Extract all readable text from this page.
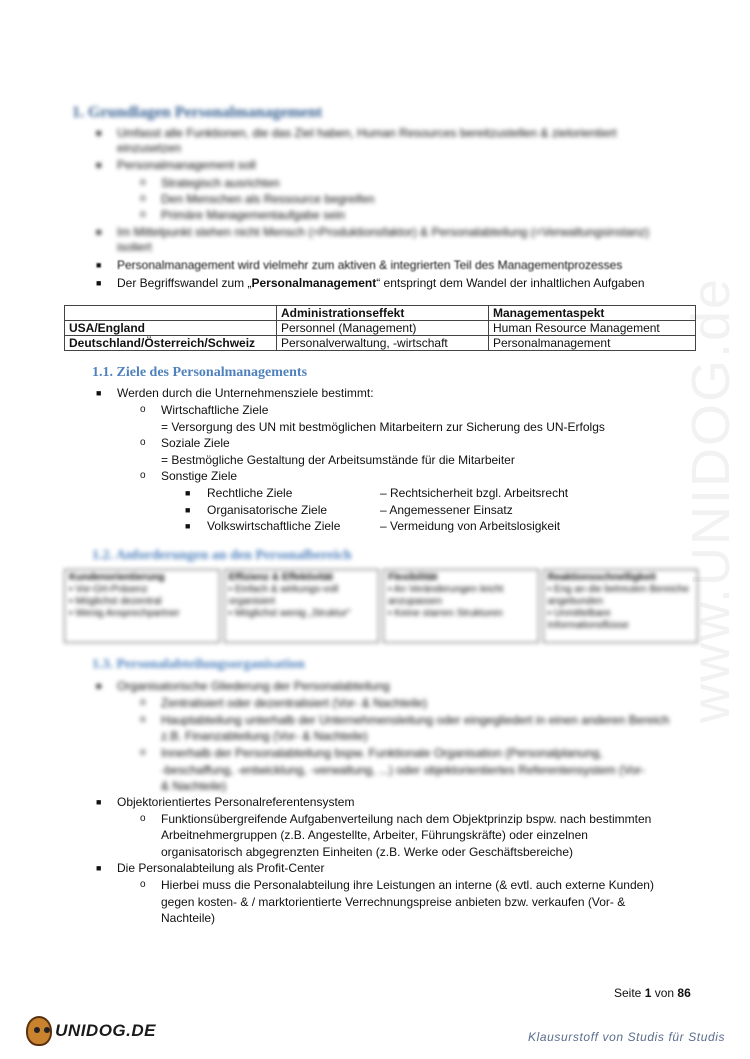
www.UNIDOG.de
1. Grundlagen Personalmanagement
■ Umfasst alle Funktionen, die das Ziel haben, Human Resources bereitzustellen & zielorientiert
einzusetzen
■ Personalmanagement soll
o Strategisch ausrichten
o Den Menschen als Ressource begreifen
o Primäre Managementaufgabe sein
■ Im Mittelpunkt stehen nicht Mensch (=Produktionsfaktor) & Personalabteilung (=Verwaltungsinstanz)
isoliert
■ Personalmanagement wird vielmehr zum aktiven & integrierten Teil des Managementprozesses
■ Der Begriffswandel zum „Personalmanagement“ entspringt dem Wandel der inhaltlichen Aufgaben
	Administrationseffekt	Managementaspekt
USA/England	Personnel (Management)	Human Resource Management
Deutschland/Österreich/Schweiz	Personalverwaltung, -wirtschaft	Personalmanagement
1.1. Ziele des Personalmanagements
■ Werden durch die Unternehmensziele bestimmt:
o Wirtschaftliche Ziele
= Versorgung des UN mit bestmöglichen Mitarbeitern zur Sicherung des UN-Erfolgs
o Soziale Ziele
= Bestmögliche Gestaltung der Arbeitsumstände für die Mitarbeiter
o Sonstige Ziele
■ Rechtliche Ziele	– Rechtsicherheit bzgl. Arbeitsrecht
■ Organisatorische Ziele	– Angemessener Einsatz
■ Volkswirtschaftliche Ziele	– Vermeidung von Arbeitslosigkeit
1.2. Anforderungen an den Personalbereich
Kundenorientierung
▪ Vor-Ort-Präsenz
▪ Möglichst dezentral
▪ Wenig Ansprechpartner
Effizienz & Effektivität
▪ Einfach & wirkungs-voll organisiert
▪ Möglichst wenig „Struktur“
Flexibilität
▪ An Veränderungen leicht anzupassen
▪ Keine starren Strukturen
Reaktionsschnelligkeit
▪ Eng an die betreuten Bereiche angebunden
▪ Unmittelbare Informationsflüsse
1.3. Personalabteilungsorganisation
■ Organisatorische Gliederung der Personalabteilung
o Zentralisiert oder dezentralisiert (Vor- & Nachteile)
o Hauptabteilung unterhalb der Unternehmensleitung oder eingegliedert in einen anderen Bereich
z.B. Finanzabteilung (Vor- & Nachteile)
o Innerhalb der Personalabteilung bspw. Funktionale Organisation (Personalplanung,
-beschaffung, -entwicklung, -verwaltung, ...) oder objektorientiertes Referentensystem (Vor-
& Nachteile)
■ Objektorientiertes Personalreferentensystem
o Funktionsübergreifende Aufgabenverteilung nach dem Objektprinzip bspw. nach bestimmten
Arbeitnehmergruppen (z.B. Angestellte, Arbeiter, Führungskräfte) oder einzelnen
organisatorisch abgegrenzten Einheiten (z.B. Werke oder Geschäftsbereiche)
■ Die Personalabteilung als Profit-Center
o Hierbei muss die Personalabteilung ihre Leistungen an interne (& evtl. auch externe Kunden)
gegen kosten- & / marktorientierte Verrechnungspreise anbieten bzw. verkaufen (Vor- &
Nachteile)
Seite 1 von 86
UNIDOG.DE	Klausurstoff von Studis für Studis
